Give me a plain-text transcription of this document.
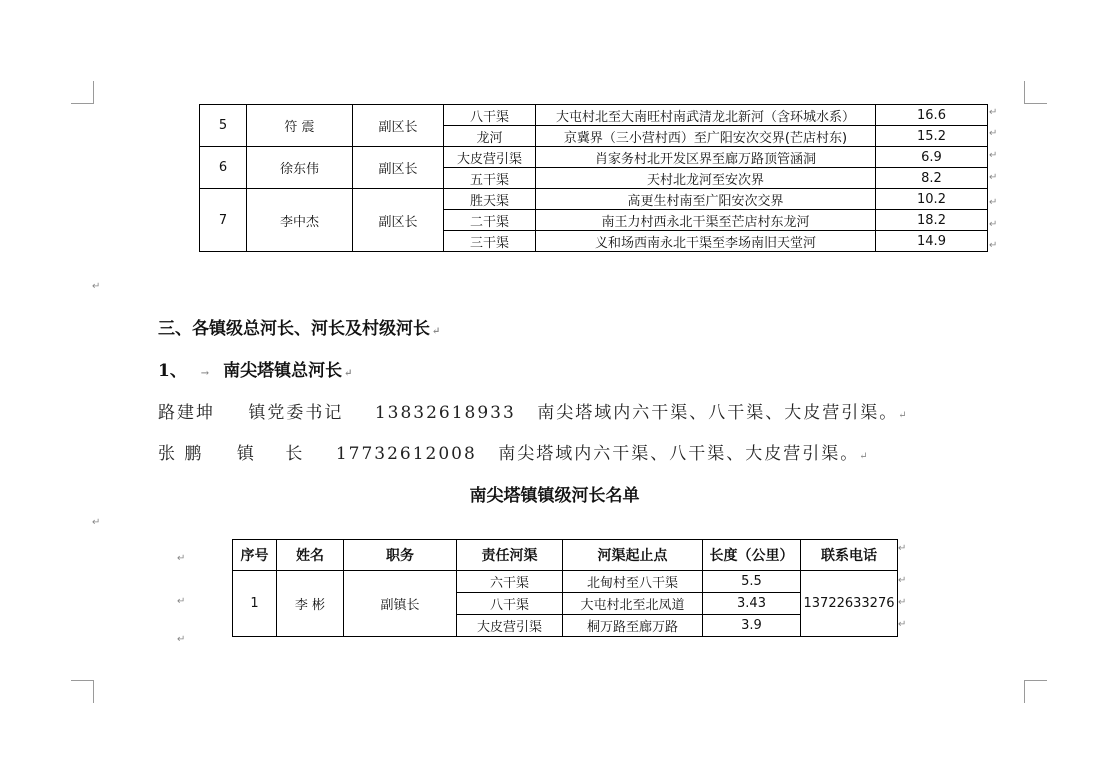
5	符 震	副区长	八干渠	大屯村北至大南旺村南武清龙北新河（含环城水系）	16.6
			龙河	京冀界（三小营村西）至广阳安次交界(芒店村东)	15.2
6	徐东伟	副区长	大皮营引渠	肖家务村北开发区界至廊万路顶管涵洞	6.9
			五干渠	天村北龙河至安次界	8.2
7	李中杰	副区长	胜天渠	高更生村南至广阳安次交界	10.2
			二干渠	南王力村西永北干渠至芒店村东龙河	18.2
			三干渠	义和场西南永北干渠至李场南旧天堂河	14.9
↵
↵
↵
↵
↵
↵
↵
↵
三、各镇级总河长、河长及村级河长 ↵
1、 → 南尖塔镇总河长 ↵
路建坤 镇党委书记 13832618933 南尖塔域内六干渠、八干渠、大皮营引渠。↵
张 鹏 镇    长 17732612008 南尖塔域内六干渠、八干渠、大皮营引渠。↵
南尖塔镇镇级河长名单
↵
↵
↵
↵
序号	姓名	职务	责任河渠	河渠起止点	长度（公里）	联系电话
1	李 彬	副镇长	六干渠	北甸村至八干渠	5.5	13722633276
			八干渠	大屯村北至北凤道	3.43	
			大皮营引渠	桐万路至廊万路	3.9	
↵
↵
↵
↵
